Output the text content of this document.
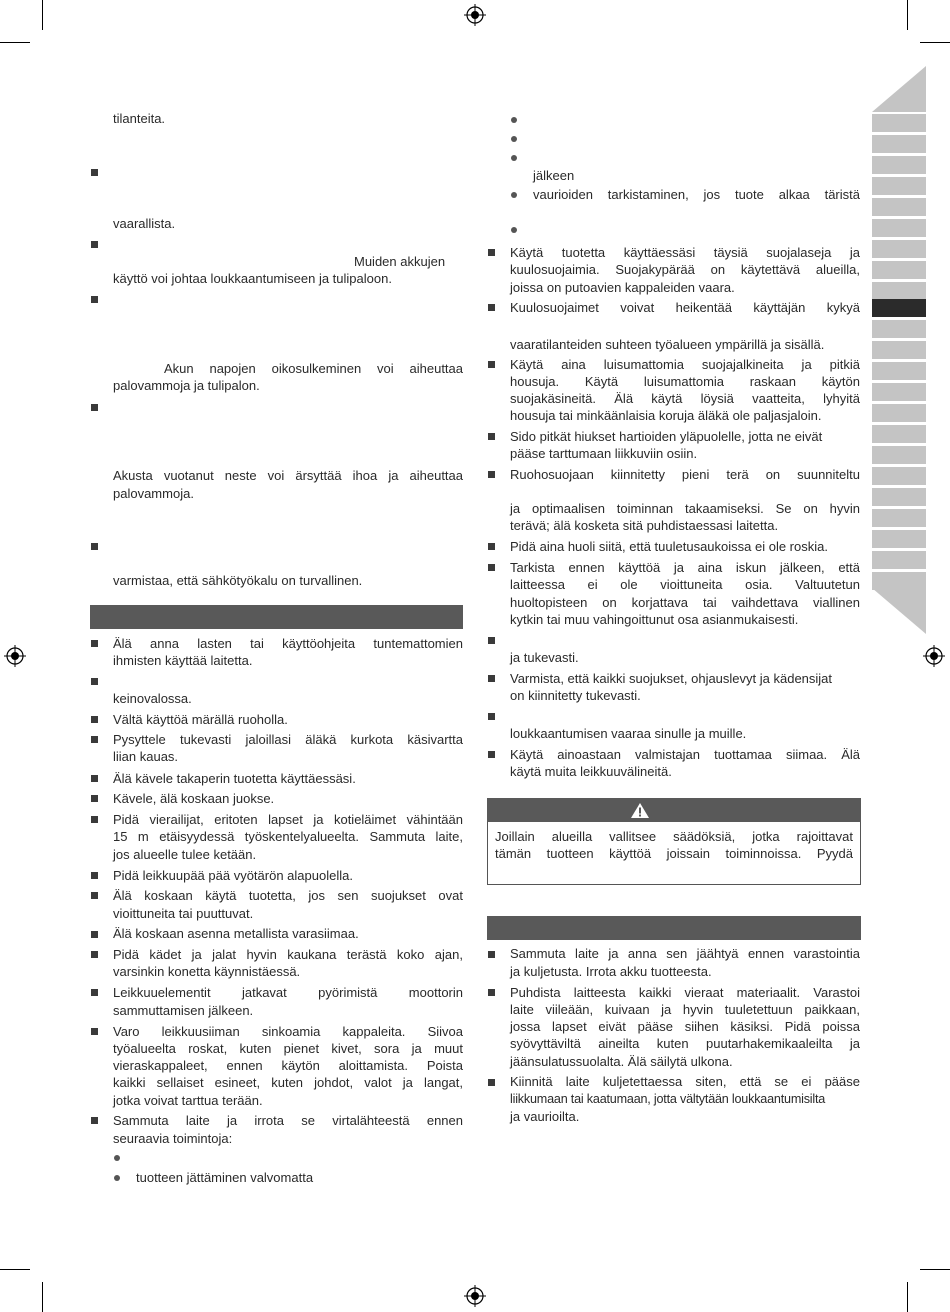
tilanteita.
vaarallista.
Muiden akkujen
käyttö voi johtaa loukkaantumiseen ja tulipaloon.
Akun napojen oikosulkeminen voi aiheuttaa
palovammoja ja tulipalon.
Akusta vuotanut neste voi ärsyttää ihoa ja aiheuttaa
palovammoja.
varmistaa, että sähkötyökalu on turvallinen.
Älä anna lasten tai käyttöohjeita tuntemattomien
ihmisten käyttää laitetta.
keinovalossa.
Vältä käyttöä märällä ruoholla.
Pysyttele tukevasti jaloillasi äläkä kurkota käsivartta
liian kauas.
Älä kävele takaperin tuotetta käyttäessäsi.
Kävele, älä koskaan juokse.
Pidä vierailijat, eritoten lapset ja kotieläimet vähintään
15 m etäisyydessä työskentelyalueelta. Sammuta laite,
jos alueelle tulee ketään.
Pidä leikkuupää pää vyötärön alapuolella.
Älä koskaan käytä tuotetta, jos sen suojukset ovat
vioittuneita tai puuttuvat.
Älä koskaan asenna metallista varasiimaa.
Pidä kädet ja jalat hyvin kaukana terästä koko ajan,
varsinkin konetta käynnistäessä.
Leikkuuelementit jatkavat pyörimistä moottorin
sammuttamisen jälkeen.
Varo leikkuusiiman sinkoamia kappaleita. Siivoa
työalueelta roskat, kuten pienet kivet, sora ja muut
vieraskappaleet, ennen käytön aloittamista. Poista
kaikki sellaiset esineet, kuten johdot, valot ja langat,
jotka voivat tarttua terään.
Sammuta laite ja irrota se virtalähteestä ennen
seuraavia toimintoja:
tuotteen jättäminen valvomatta
jälkeen
vaurioiden tarkistaminen, jos tuote alkaa täristä
Käytä tuotetta käyttäessäsi täysiä suojalaseja ja
kuulosuojaimia. Suojakypärää on käytettävä alueilla,
joissa on putoavien kappaleiden vaara.
Kuulosuojaimet voivat heikentää käyttäjän kykyä
vaaratilanteiden suhteen työalueen ympärillä ja sisällä.
Käytä aina luisumattomia suojajalkineita ja pitkiä
housuja. Käytä luisumattomia raskaan käytön
suojakäsineitä. Älä käytä löysiä vaatteita, lyhyitä
housuja tai minkäänlaisia koruja äläkä ole paljasjaloin.
Sido pitkät hiukset hartioiden yläpuolelle, jotta ne eivät
pääse tarttumaan liikkuviin osiin.
Ruohosuojaan kiinnitetty pieni terä on suunniteltu
ja optimaalisen toiminnan takaamiseksi. Se on hyvin
terävä; älä kosketa sitä puhdistaessasi laitetta.
Pidä aina huoli siitä, että tuuletusaukoissa ei ole roskia.
Tarkista ennen käyttöä ja aina iskun jälkeen, että
laitteessa ei ole vioittuneita osia. Valtuutetun
huoltopisteen on korjattava tai vaihdettava viallinen
kytkin tai muu vahingoittunut osa asianmukaisesti.
ja tukevasti.
Varmista, että kaikki suojukset, ohjauslevyt ja kädensijat
on kiinnitetty tukevasti.
loukkaantumisen vaaraa sinulle ja muille.
Käytä ainoastaan valmistajan tuottamaa siimaa. Älä
käytä muita leikkuuvälineitä.
Joillain alueilla vallitsee säädöksiä, jotka rajoittavat
tämän tuotteen käyttöä joissain toiminnoissa. Pyydä
Sammuta laite ja anna sen jäähtyä ennen varastointia
ja kuljetusta. Irrota akku tuotteesta.
Puhdista laitteesta kaikki vieraat materiaalit. Varastoi
laite viileään, kuivaan ja hyvin tuuletettuun paikkaan,
jossa lapset eivät pääse siihen käsiksi. Pidä poissa
syövyttäviltä aineilta kuten puutarhakemikaaleilta ja
jäänsulatussuolalta. Älä säilytä ulkona.
Kiinnitä laite kuljetettaessa siten, että se ei pääse
liikkumaan tai kaatumaan, jotta vältytään loukkaantumisilta
ja vaurioilta.
